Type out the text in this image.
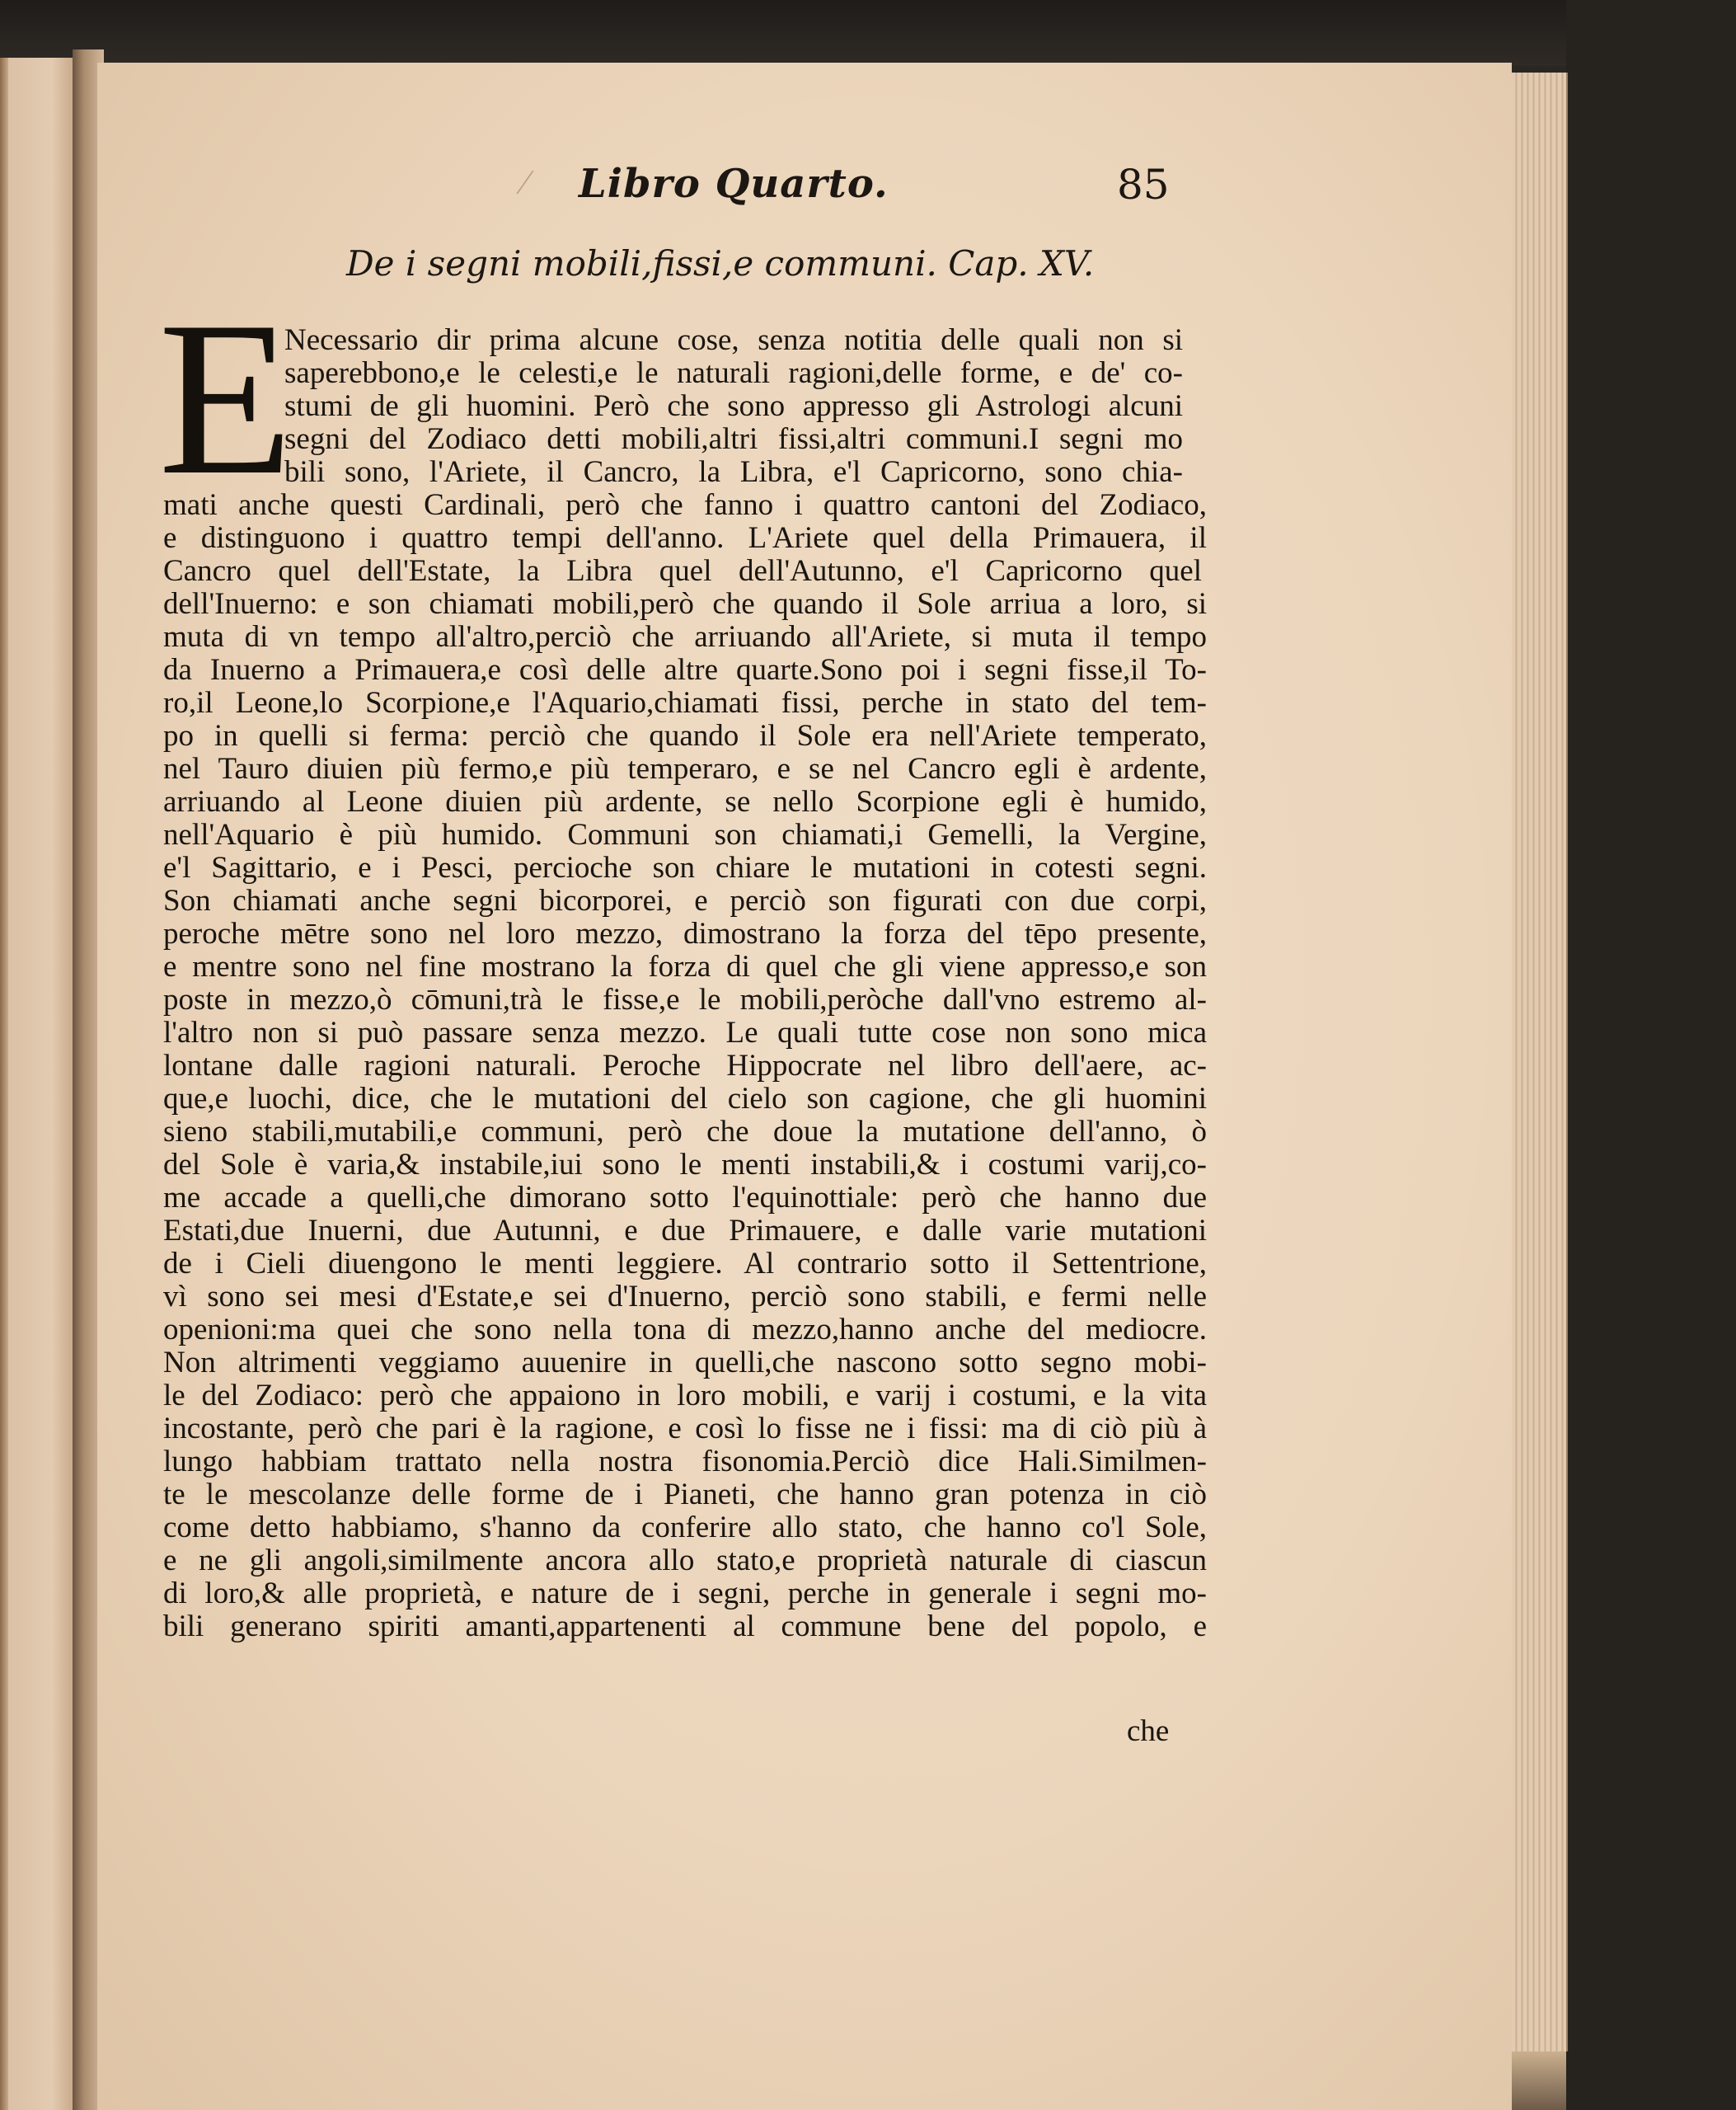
Libro Quarto.	85
De i segni mobili,fissi,e communi. Cap. XV.
E
Necessario dir prima alcune cose, senza notitia delle quali non si
saperebbono,e le celesti,e le naturali ragioni,delle forme, e de' co-
stumi de gli huomini. Però che sono appresso gli Astrologi alcuni
segni del Zodiaco detti mobili,altri fissi,altri communi.I segni mo
bili sono, l'Ariete, il Cancro, la Libra, e'l Capricorno, sono chia-
mati anche questi Cardinali, però che fanno i quattro cantoni del Zodiaco,
e distinguono i quattro tempi dell'anno. L'Ariete quel della Primauera, il
Cancro quel dell'Estate, la Libra quel dell'Autunno, e'l Capricorno quel
dell'Inuerno: e son chiamati mobili,però che quando il Sole arriua a loro, si
muta di vn tempo all'altro,perciò che arriuando all'Ariete, si muta il tempo
da Inuerno a Primauera,e così delle altre quarte.Sono poi i segni fisse,il To-
ro,il Leone,lo Scorpione,e l'Aquario,chiamati fissi, perche in stato del tem-
po in quelli si ferma: perciò che quando il Sole era nell'Ariete temperato,
nel Tauro diuien più fermo,e più temperaro, e se nel Cancro egli è ardente,
arriuando al Leone diuien più ardente, se nello Scorpione egli è humido,
nell'Aquario è più humido. Communi son chiamati,i Gemelli, la Vergine,
e'l Sagittario, e i Pesci, percioche son chiare le mutationi in cotesti segni.
Son chiamati anche segni bicorporei, e perciò son figurati con due corpi,
peroche mētre sono nel loro mezzo, dimostrano la forza del tēpo presente,
e mentre sono nel fine mostrano la forza di quel che gli viene appresso,e son
poste in mezzo,ò cōmuni,trà le fisse,e le mobili,peròche dall'vno estremo al-
l'altro non si può passare senza mezzo. Le quali tutte cose non sono mica
lontane dalle ragioni naturali. Peroche Hippocrate nel libro dell'aere, ac-
que,e luochi, dice, che le mutationi del cielo son cagione, che gli huomini
sieno stabili,mutabili,e communi, però che doue la mutatione dell'anno, ò
del Sole è varia,& instabile,iui sono le menti instabili,& i costumi varij,co-
me accade a quelli,che dimorano sotto l'equinottiale: però che hanno due
Estati,due Inuerni, due Autunni, e due Primauere, e dalle varie mutationi
de i Cieli diuengono le menti leggiere. Al contrario sotto il Settentrione,
vì sono sei mesi d'Estate,e sei d'Inuerno, perciò sono stabili, e fermi nelle
openioni:ma quei che sono nella tona di mezzo,hanno anche del mediocre.
Non altrimenti veggiamo auuenire in quelli,che nascono sotto segno mobi-
le del Zodiaco: però che appaiono in loro mobili, e varij i costumi, e la vita
incostante, però che pari è la ragione, e così lo fisse ne i fissi: ma di ciò più à
lungo habbiam trattato nella nostra fisonomia.Perciò dice Hali.Similmen-
te le mescolanze delle forme de i Pianeti, che hanno gran potenza in ciò
come detto habbiamo, s'hanno da conferire allo stato, che hanno co'l Sole,
e ne gli angoli,similmente ancora allo stato,e proprietà naturale di ciascun
di loro,& alle proprietà, e nature de i segni, perche in generale i segni mo-
bili generano spiriti amanti,appartenenti al commune bene del popolo, e
che
